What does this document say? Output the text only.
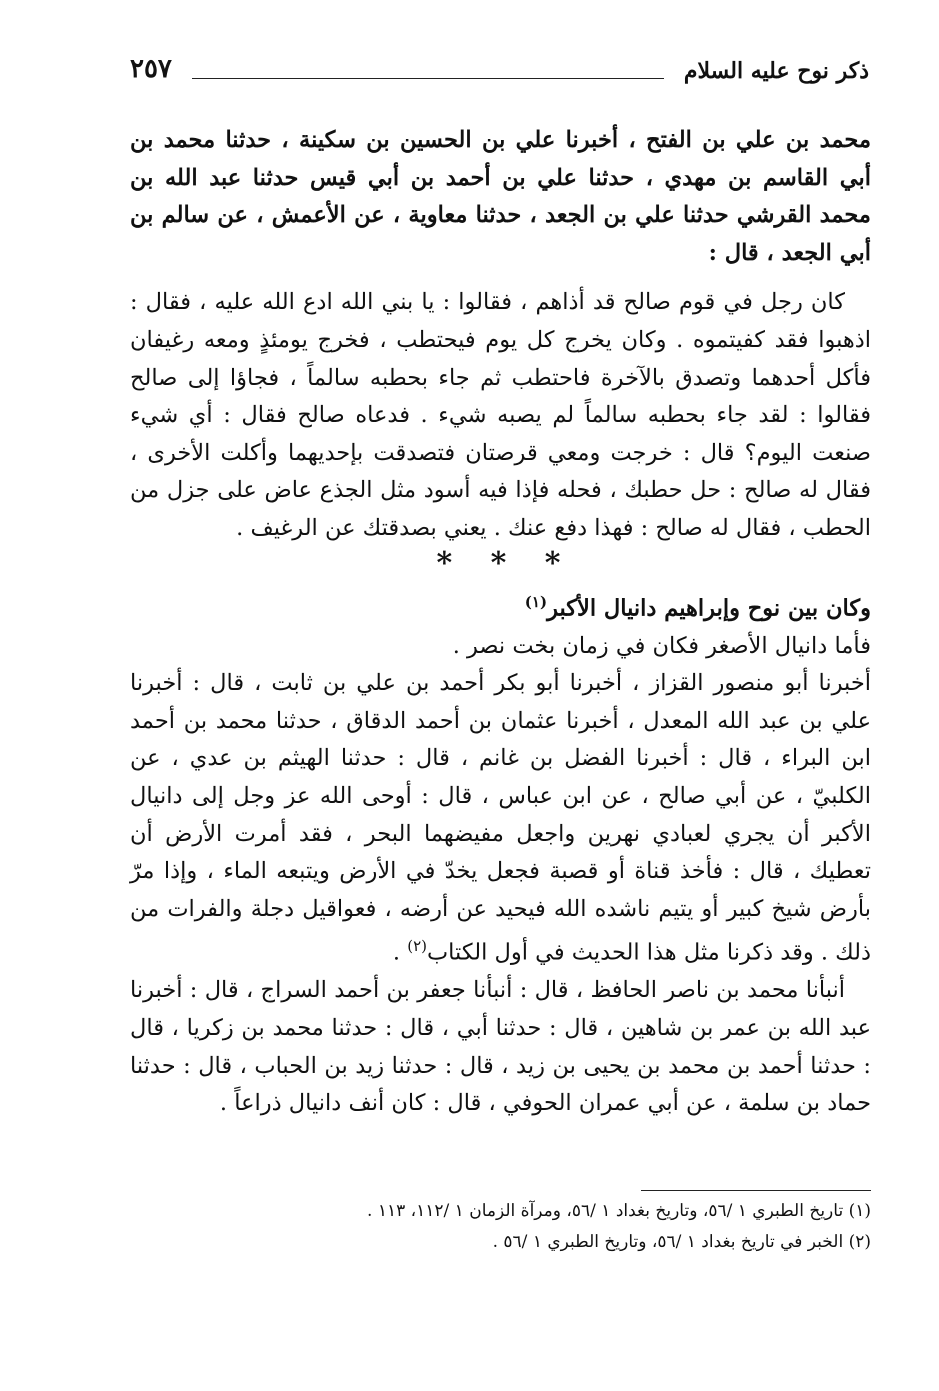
ذكر نوح عليه السلام
٢٥٧

محمد بن علي بن الفتح ، أخبرنا علي بن الحسين بن سكينة ، حدثنا محمد بن أبي القاسم بن مهدي ، حدثنا علي بن أحمد بن أبي قيس حدثنا عبد الله بن محمد القرشي حدثنا علي بن الجعد ، حدثنا معاوية ، عن الأعمش ، عن سالم بن أبي الجعد ، قال :

كان رجل في قوم صالح قد أذاهم ، فقالوا : يا بني الله ادع الله عليه ، فقال : اذهبوا فقد كفيتموه . وكان يخرج كل يوم فيحتطب ، فخرج يومئذٍ ومعه رغيفان فأكل أحدهما وتصدق بالآخرة فاحتطب ثم جاء بحطبه سالماً ، فجاؤا إلى صالح فقالوا : لقد جاء بحطبه سالماً لم يصبه شيء . فدعاه صالح فقال : أي شيء صنعت اليوم؟ قال : خرجت ومعي قرصتان فتصدقت بإحديهما وأكلت الأخرى ، فقال له صالح : حل حطبك ، فحله فإذا فيه أسود مثل الجذع عاض على جزل من الحطب ، فقال له صالح : فهذا دفع عنك . يعني بصدقتك عن الرغيف .

* * *

وكان بين نوح وإبراهيم دانيال الأكبر$^{(١)}$

فأما دانيال الأصغر فكان في زمان بخت نصر .

أخبرنا أبو منصور القزاز ، أخبرنا أبو بكر أحمد بن علي بن ثابت ، قال : أخبرنا علي بن عبد الله المعدل ، أخبرنا عثمان بن أحمد الدقاق ، حدثنا محمد بن أحمد ابن البراء ، قال : أخبرنا الفضل بن غانم ، قال : حدثنا الهيثم بن عدي ، عن الكلبيّ ، عن أبي صالح ، عن ابن عباس ، قال : أوحى الله عز وجل إلى دانيال الأكبر أن يجري لعبادي نهرين واجعل مفيضهما البحر ، فقد أمرت الأرض أن تعطيك ، قال : فأخذ قناة أو قصبة فجعل يخدّ في الأرض ويتبعه الماء ، وإذا مرّ بأرض شيخ كبير أو يتيم ناشده الله فيحيد عن أرضه ، فعواقيل دجلة والفرات من ذلك . وقد ذكرنا مثل هذا الحديث في أول الكتاب$^{(٢)}$ .

أنبأنا محمد بن ناصر الحافظ ، قال : أنبأنا جعفر بن أحمد السراج ، قال : أخبرنا عبد الله بن عمر بن شاهين ، قال : حدثنا أبي ، قال : حدثنا محمد بن زكريا ، قال : حدثنا أحمد بن محمد بن يحيى بن زيد ، قال : حدثنا زيد بن الحباب ، قال : حدثنا حماد بن سلمة ، عن أبي عمران الحوفي ، قال : كان أنف دانيال ذراعاً .

(١) تاريخ الطبري ١ /٥٦، وتاريخ بغداد ١ /٥٦، ومرآة الزمان ١ /١١٢، ١١٣ .

(٢) الخبر في تاريخ بغداد ١ /٥٦، وتاريخ الطبري ١ /٥٦ .
